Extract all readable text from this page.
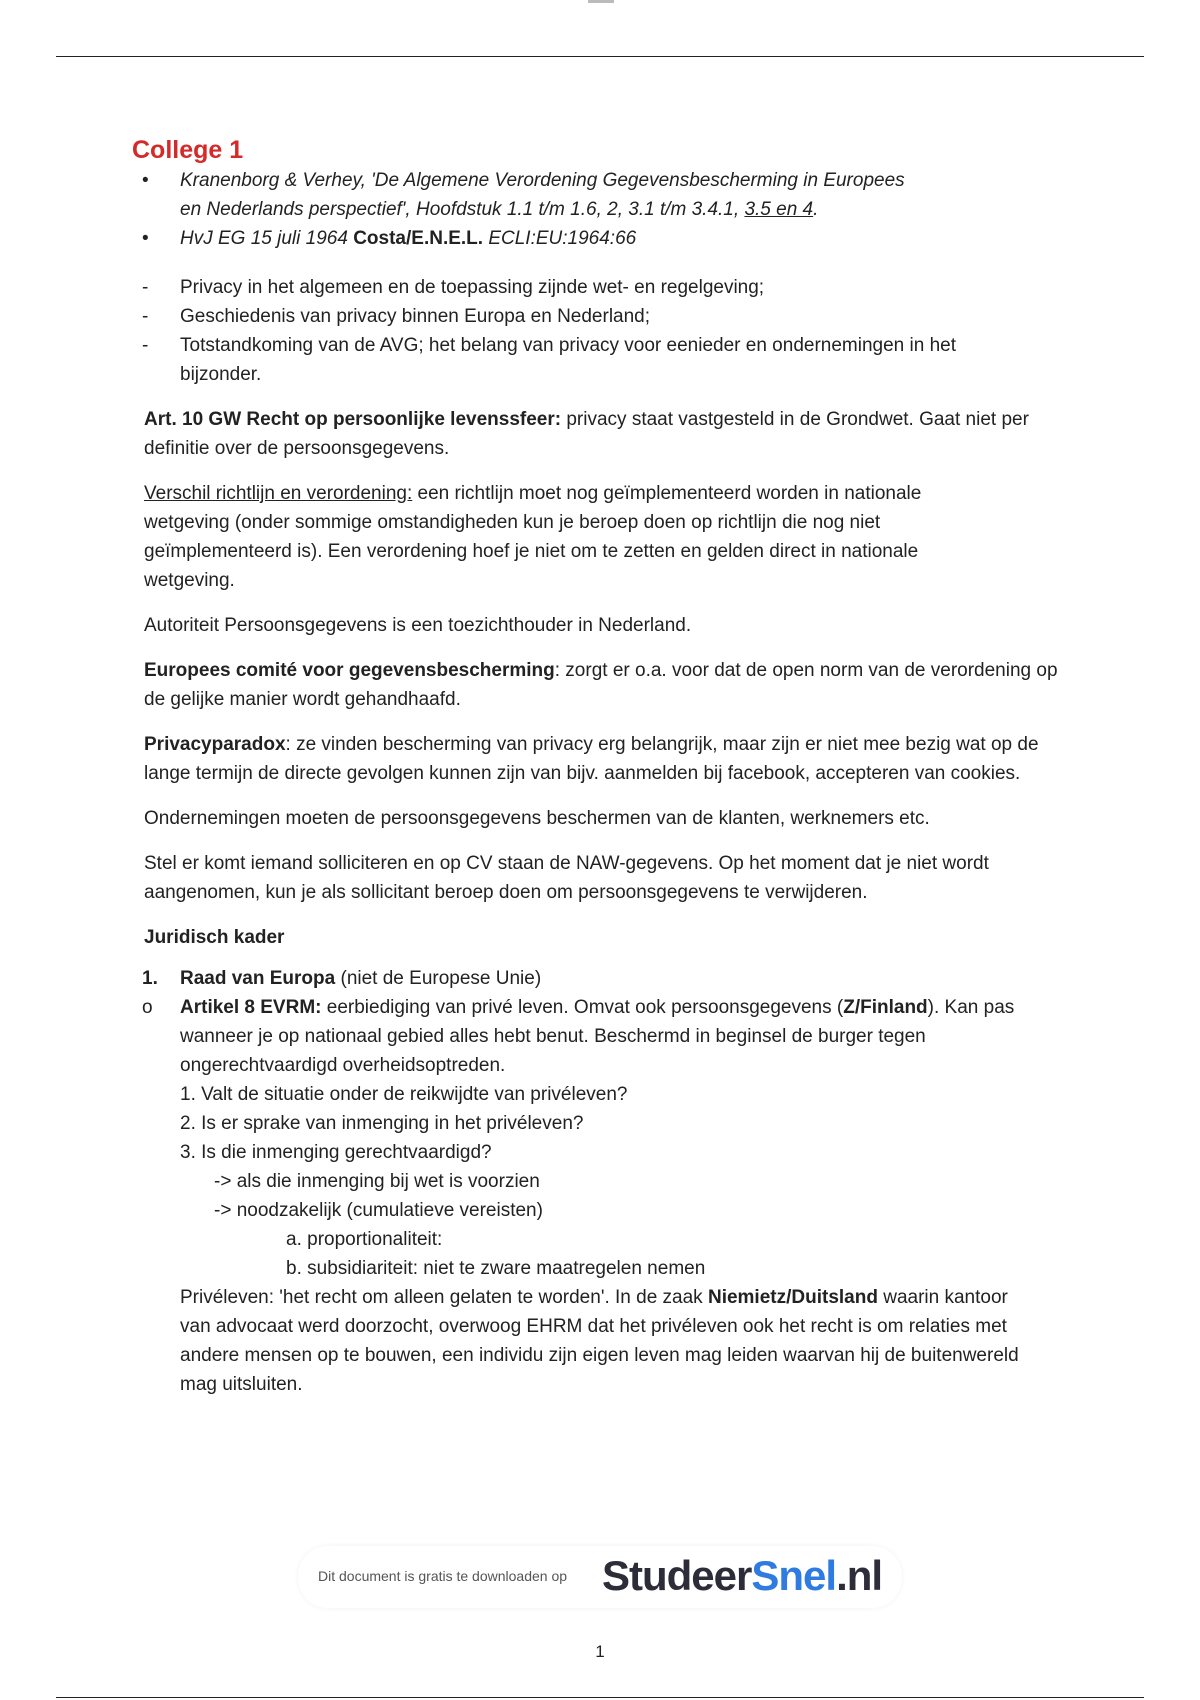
College 1
• Kranenborg & Verhey, 'De Algemene Verordening Gegevensbescherming in Europees
en Nederlands perspectief', Hoofdstuk 1.1 t/m 1.6, 2, 3.1 t/m 3.4.1, 3.5 en 4.
•	HvJ EG 15 juli 1964 Costa/E.N.E.L. ECLI:EU:1964:66
-	Privacy in het algemeen en de toepassing zijnde wet- en regelgeving;
-	Geschiedenis van privacy binnen Europa en Nederland;
-	Totstandkoming van de AVG; het belang van privacy voor eenieder en ondernemingen in het bijzonder.

Art. 10 GW Recht op persoonlijke levenssfeer: privacy staat vastgesteld in de Grondwet. Gaat niet per definitie over de persoonsgegevens.

Verschil richtlijn en verordening: een richtlijn moet nog geïmplementeerd worden in nationale wetgeving (onder sommige omstandigheden kun je beroep doen op richtlijn die nog niet geïmplementeerd is). Een verordening hoef je niet om te zetten en gelden direct in nationale wetgeving.

Autoriteit Persoonsgegevens is een toezichthouder in Nederland.

Europees comité voor gegevensbescherming: zorgt er o.a. voor dat de open norm van de verordening op de gelijke manier wordt gehandhaafd.

Privacyparadox: ze vinden bescherming van privacy erg belangrijk, maar zijn er niet mee bezig wat op de lange termijn de directe gevolgen kunnen zijn van bijv. aanmelden bij facebook, accepteren van cookies.

Ondernemingen moeten de persoonsgegevens beschermen van de klanten, werknemers etc.

Stel er komt iemand solliciteren en op CV staan de NAW-gegevens. Op het moment dat je niet wordt aangenomen, kun je als sollicitant beroep doen om persoonsgegevens te verwijderen.

Juridisch kader

1.	Raad van Europa (niet de Europese Unie)
o	Artikel 8 EVRM: eerbiediging van privé leven. Omvat ook persoonsgegevens (Z/Finland). Kan pas wanneer je op nationaal gebied alles hebt benut. Beschermd in beginsel de burger tegen ongerechtvaardigd overheidsoptreden.
1. Valt de situatie onder de reikwijdte van privéleven?
2. Is er sprake van inmenging in het privéleven?
3. Is die inmenging gerechtvaardigd?
-> als die inmenging bij wet is voorzien
-> noodzakelijk (cumulatieve vereisten)
a. proportionaliteit:
b. subsidiariteit: niet te zware maatregelen nemen
Privéleven: 'het recht om alleen gelaten te worden'. In de zaak Niemietz/Duitsland waarin kantoor van advocaat werd doorzocht, overwoog EHRM dat het privéleven ook het recht is om relaties met andere mensen op te bouwen, een individu zijn eigen leven mag leiden waarvan hij de buitenwereld mag uitsluiten.
Dit document is gratis te downloaden op StudeerSnel.nl
1
